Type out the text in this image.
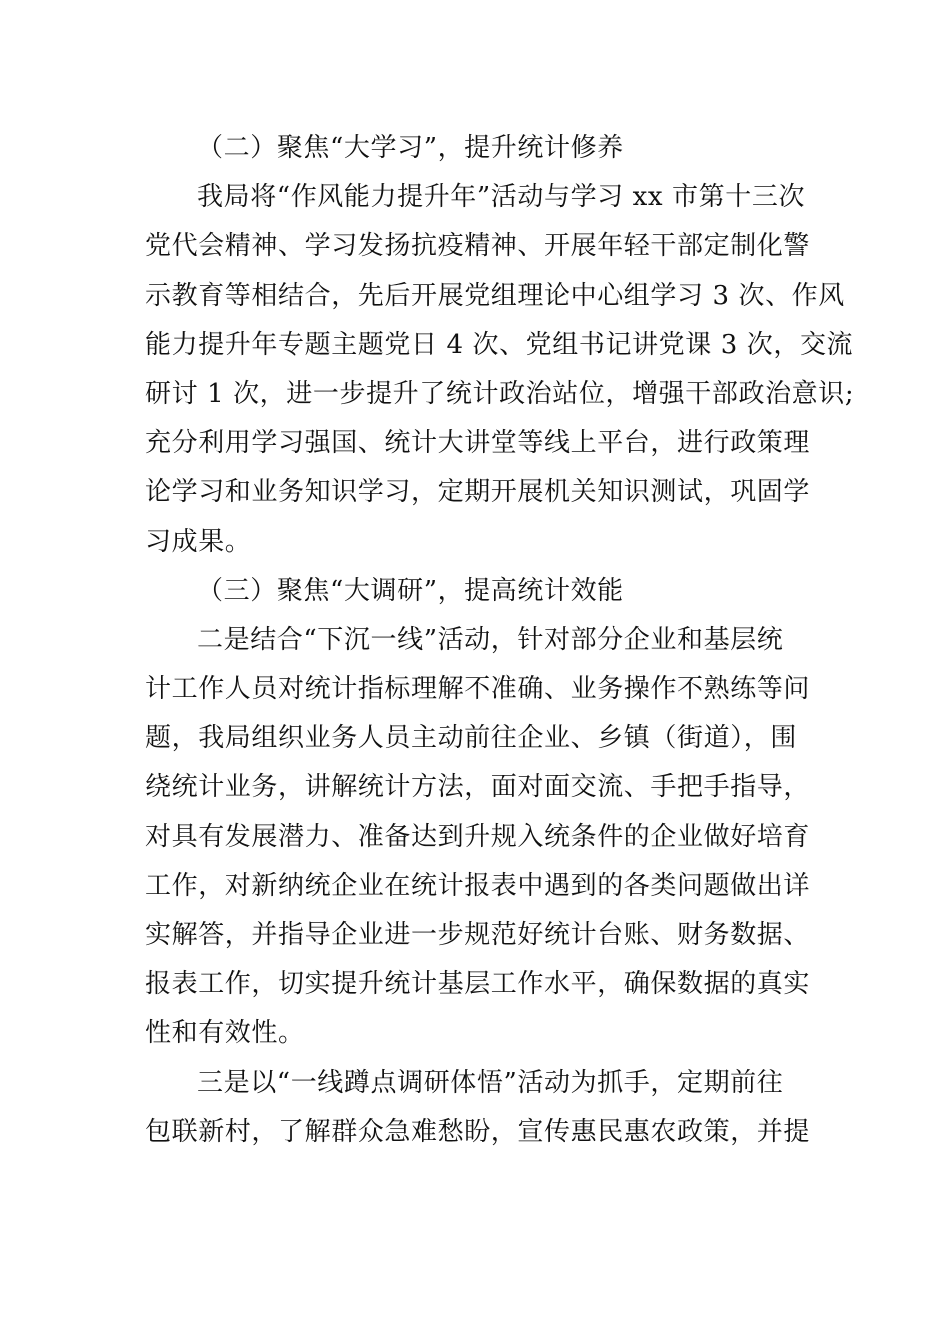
（二）聚焦“大学习”，提升统计修养
我局将“作风能力提升年”活动与学习 xx 市第十三次
党代会精神、学习发扬抗疫精神、开展年轻干部定制化警
示教育等相结合，先后开展党组理论中心组学习 3 次、作风
能力提升年专题主题党日 4 次、党组书记讲党课 3 次，交流
研讨 1 次，进一步提升了统计政治站位，增强干部政治意识;
充分利用学习强国、统计大讲堂等线上平台，进行政策理
论学习和业务知识学习，定期开展机关知识测试，巩固学
习成果。
（三）聚焦“大调研”，提高统计效能
二是结合“下沉一线”活动，针对部分企业和基层统
计工作人员对统计指标理解不准确、业务操作不熟练等问
题，我局组织业务人员主动前往企业、乡镇（街道），围
绕统计业务，讲解统计方法，面对面交流、手把手指导，
对具有发展潜力、准备达到升规入统条件的企业做好培育
工作，对新纳统企业在统计报表中遇到的各类问题做出详
实解答，并指导企业进一步规范好统计台账、财务数据、
报表工作，切实提升统计基层工作水平，确保数据的真实
性和有效性。
三是以“一线蹲点调研体悟”活动为抓手，定期前往
包联新村，了解群众急难愁盼，宣传惠民惠农政策，并提
